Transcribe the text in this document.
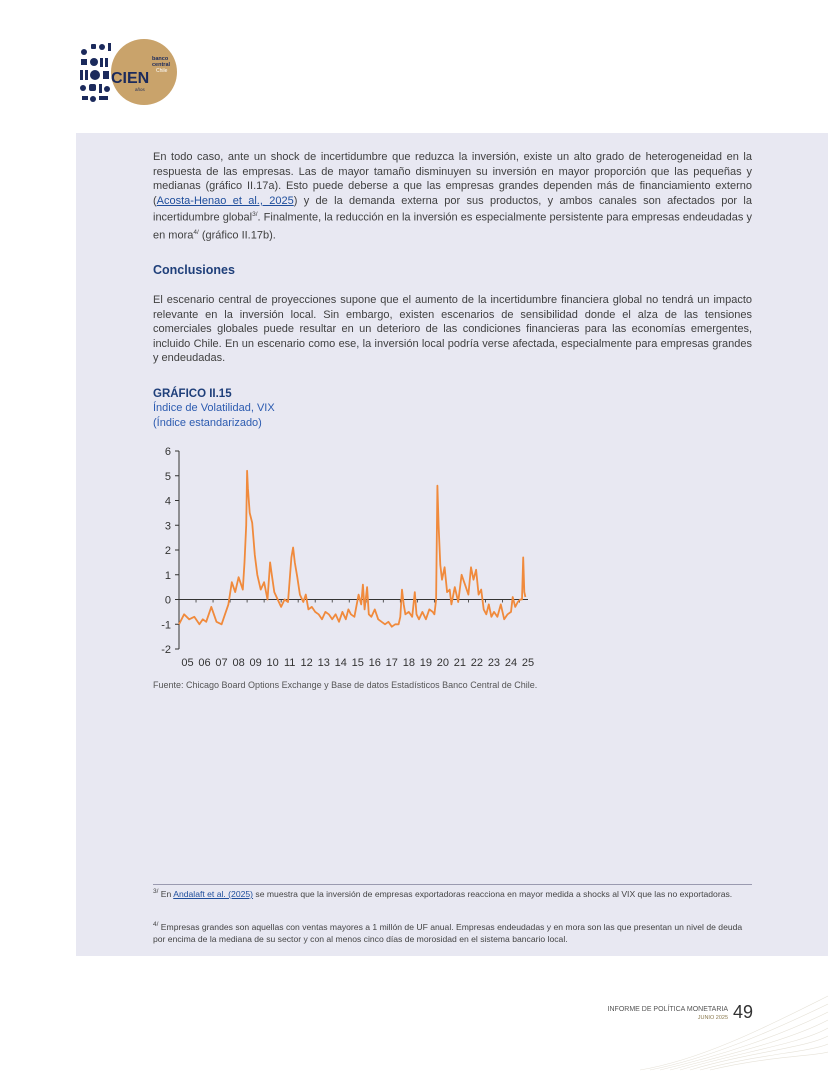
banco
central
Chile
CIEN
años

En todo caso, ante un shock de incertidumbre que reduzca la inversión, existe un alto grado de heterogeneidad en la respuesta de las empresas. Las de mayor tamaño disminuyen su inversión en mayor proporción que las pequeñas y medianas (gráfico II.17a). Esto puede deberse a que las empresas grandes dependen más de financiamiento externo (Acosta-Henao et al., 2025) y de la demanda externa por sus productos, y ambos canales son afectados por la incertidumbre global$^{3/}$. Finalmente, la reducción en la inversión es especialmente persistente para empresas endeudadas y en mora$^{4/}$ (gráfico II.17b).

Conclusiones

El escenario central de proyecciones supone que el aumento de la incertidumbre financiera global no tendrá un impacto relevante en la inversión local. Sin embargo, existen escenarios de sensibilidad donde el alza de las tensiones comerciales globales puede resultar en un deterioro de las condiciones financieras para las economías emergentes, incluido Chile. En un escenario como ese, la inversión local podría verse afectada, especialmente para empresas grandes y endeudadas.

GRÁFICO II.15
Índice de Volatilidad, VIX
(Índice estandarizado)
-2
-1
0
1
2
3
4
5
6
05 06 07 08 09 10 11 12 13 14 15 16 17 18 19 20 21 22 23 24 25
Fuente: Chicago Board Options Exchange y Base de datos Estadísticos Banco Central de Chile.
$^{3/}$ En Andalaft et al. (2025) se muestra que la inversión de empresas exportadoras reacciona en mayor medida a shocks al VIX que las no exportadoras.
$^{4/}$ Empresas grandes son aquellas con ventas mayores a 1 millón de UF anual. Empresas endeudadas y en mora son las que presentan un nivel de deuda por encima de la mediana de su sector y con al menos cinco días de morosidad en el sistema bancario local.
INFORME DE POLÍTICA MONETARIA
JUNIO 2025 49
